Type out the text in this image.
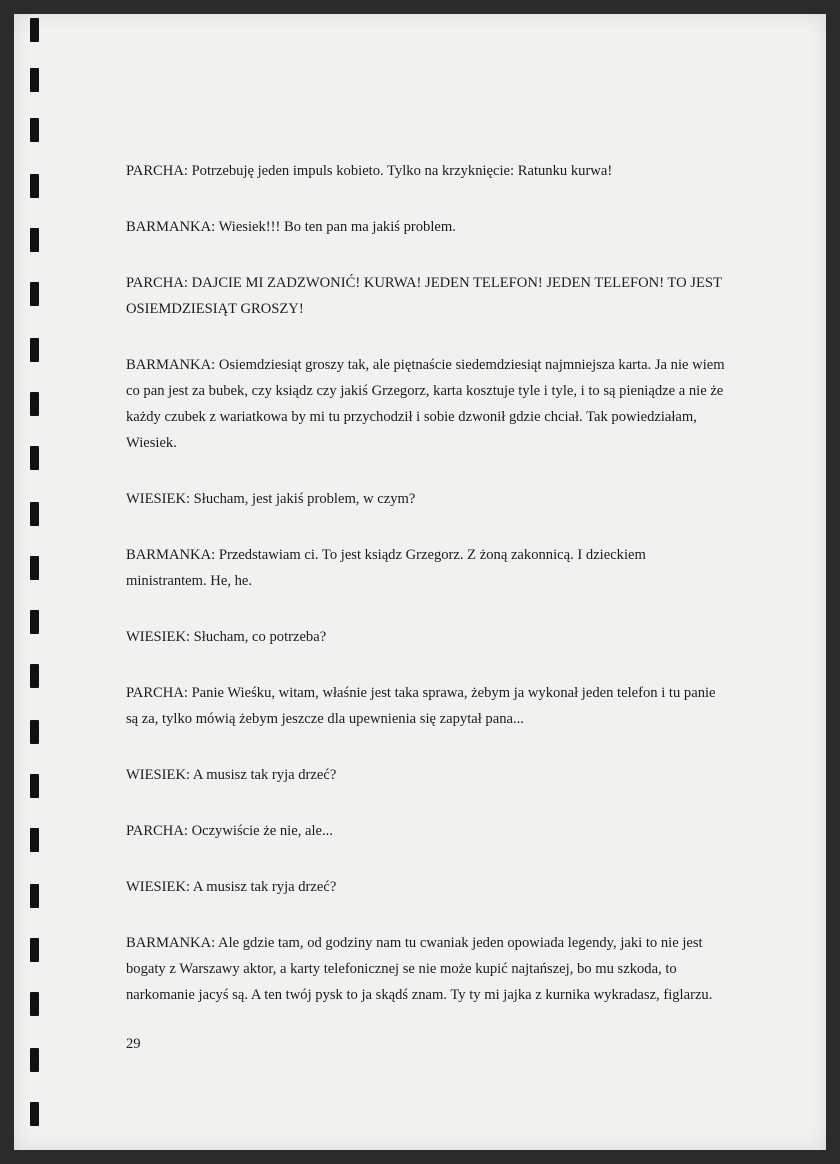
PARCHA: Potrzebuję jeden impuls kobieto. Tylko na krzyknięcie: Ratunku kurwa!

BARMANKA: Wiesiek!!! Bo ten pan ma jakiś problem.

PARCHA: DAJCIE MI ZADZWONIĆ! KURWA! JEDEN TELEFON! JEDEN TELEFON! TO JEST OSIEMDZIESIĄT GROSZY!

BARMANKA: Osiemdziesiąt groszy tak, ale piętnaście siedemdziesiąt najmniejsza karta. Ja nie wiem co pan jest za bubek, czy ksiądz czy jakiś Grzegorz, karta kosztuje tyle i tyle, i to są pieniądze a nie że każdy czubek z wariatkowa by mi tu przychodził i sobie dzwonił gdzie chciał. Tak powiedziałam, Wiesiek.

WIESIEK: Słucham, jest jakiś problem, w czym?

BARMANKA: Przedstawiam ci. To jest ksiądz Grzegorz. Z żoną zakonnicą. I dzieckiem ministrantem. He, he.

WIESIEK: Słucham, co potrzeba?

PARCHA: Panie Wieśku, witam, właśnie jest taka sprawa, żebym ja wykonał jeden telefon i tu panie są za, tylko mówią żebym jeszcze dla upewnienia się zapytał pana...

WIESIEK: A musisz tak ryja drzeć?

PARCHA: Oczywiście że nie, ale...

WIESIEK: A musisz tak ryja drzeć?

BARMANKA: Ale gdzie tam, od godziny nam tu cwaniak jeden opowiada legendy, jaki to nie jest bogaty z Warszawy aktor, a karty telefonicznej se nie może kupić najtańszej, bo mu szkoda, to narkomanie jacyś są. A ten twój pysk to ja skądś znam. Ty ty mi jajka z kurnika wykradasz, figlarzu.

29
